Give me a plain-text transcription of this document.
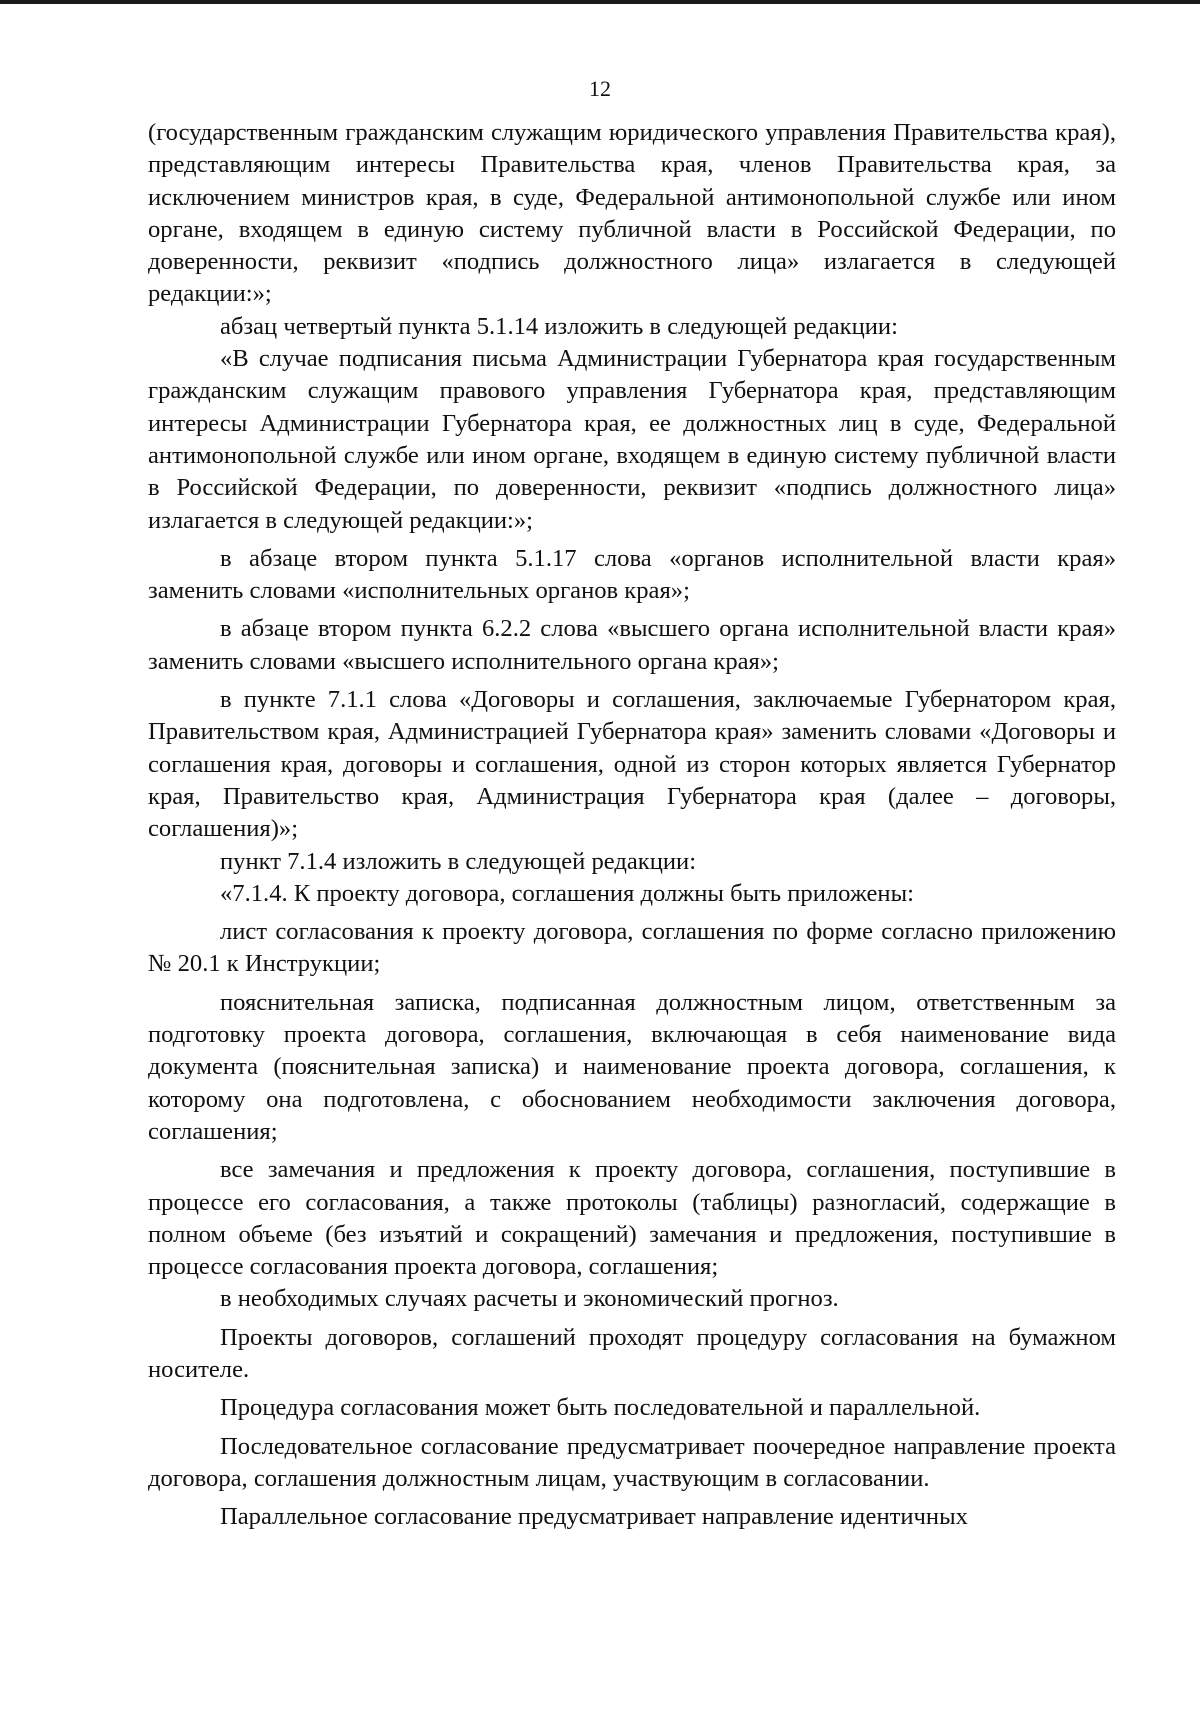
12

(государственным гражданским служащим юридического управления Правительства края), представляющим интересы Правительства края, членов Правительства края, за исключением министров края, в суде, Федеральной антимонопольной службе или ином органе, входящем в единую систему публичной власти в Российской Федерации, по доверенности, реквизит «подпись должностного лица» излагается в следующей редакции:»;

абзац четвертый пункта 5.1.14 изложить в следующей редакции:

«В случае подписания письма Администрации Губернатора края государственным гражданским служащим правового управления Губернатора края, представляющим интересы Администрации Губернатора края, ее должностных лиц в суде, Федеральной антимонопольной службе или ином органе, входящем в единую систему публичной власти в Российской Федерации, по доверенности, реквизит «подпись должностного лица» излагается в следующей редакции:»;

в абзаце втором пункта 5.1.17 слова «органов исполнительной власти края» заменить словами «исполнительных органов края»;

в абзаце втором пункта 6.2.2 слова «высшего органа исполнительной власти края» заменить словами «высшего исполнительного органа края»;

в пункте 7.1.1 слова «Договоры и соглашения, заключаемые Губернатором края, Правительством края, Администрацией Губернатора края» заменить словами «Договоры и соглашения края, договоры и соглашения, одной из сторон которых является Губернатор края, Правительство края, Администрация Губернатора края (далее – договоры, соглашения)»;

пункт 7.1.4 изложить в следующей редакции:

«7.1.4. К проекту договора, соглашения должны быть приложены:

лист согласования к проекту договора, соглашения по форме согласно приложению № 20.1 к Инструкции;

пояснительная записка, подписанная должностным лицом, ответственным за подготовку проекта договора, соглашения, включающая в себя наименование вида документа (пояснительная записка) и наименование проекта договора, соглашения, к которому она подготовлена, с обоснованием необходимости заключения договора, соглашения;

все замечания и предложения к проекту договора, соглашения, поступившие в процессе его согласования, а также протоколы (таблицы) разногласий, содержащие в полном объеме (без изъятий и сокращений) замечания и предложения, поступившие в процессе согласования проекта договора, соглашения;

в необходимых случаях расчеты и экономический прогноз.

Проекты договоров, соглашений проходят процедуру согласования на бумажном носителе.

Процедура согласования может быть последовательной и параллельной.

Последовательное согласование предусматривает поочередное направление проекта договора, соглашения должностным лицам, участвующим в согласовании.

Параллельное согласование предусматривает направление идентичных
